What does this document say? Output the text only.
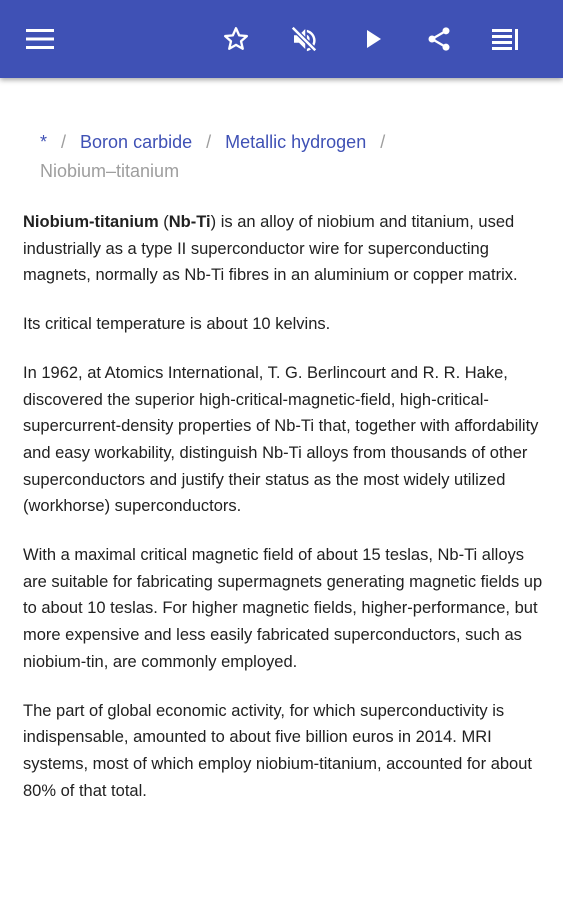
* / Boron carbide / Metallic hydrogen /
Niobium–titanium

Niobium-titanium (Nb-Ti) is an alloy of niobium and titanium, used industrially as a type II superconductor wire for superconducting magnets, normally as Nb-Ti fibres in an aluminium or copper matrix.

Its critical temperature is about 10 kelvins.

In 1962, at Atomics International, T. G. Berlincourt and R. R. Hake, discovered the superior high-critical-magnetic-field, high-critical-supercurrent-density properties of Nb-Ti that, together with affordability and easy workability, distinguish Nb-Ti alloys from thousands of other superconductors and justify their status as the most widely utilized (workhorse) superconductors.

With a maximal critical magnetic field of about 15 teslas, Nb-Ti alloys are suitable for fabricating supermagnets generating magnetic fields up to about 10 teslas. For higher magnetic fields, higher-performance, but more expensive and less easily fabricated superconductors, such as niobium-tin, are commonly employed.

The part of global economic activity, for which superconductivity is indispensable, amounted to about five billion euros in 2014. MRI systems, most of which employ niobium-titanium, accounted for about 80% of that total.
